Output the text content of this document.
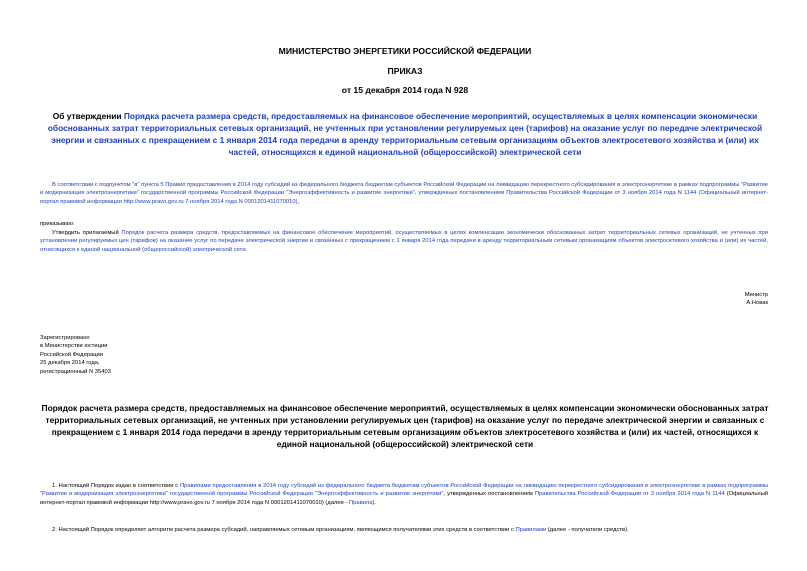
МИНИСТЕРСТВО ЭНЕРГЕТИКИ РОССИЙСКОЙ ФЕДЕРАЦИИ
ПРИКАЗ
от 15 декабря 2014 года N 928
Об утверждении Порядка расчета размера средств, предоставляемых на финансовое обеспечение мероприятий, осуществляемых в целях компенсации экономически обоснованных затрат территориальных сетевых организаций, не учтенных при установлении регулируемых цен (тарифов) на оказание услуг по передаче электрической энергии и связанных с прекращением с 1 января 2014 года передачи в аренду территориальным сетевым организациям объектов электросетевого хозяйства и (или) их частей, относящихся к единой национальной (общероссийской) электрической сети
В соответствии с подпунктом "в" пункта 5 Правил предоставления в 2014 году субсидий из федерального бюджета бюджетам субъектов Российской Федерации на ликвидацию перекрестного субсидирования в электроэнергетике в рамках подпрограммы "Развитие и модернизация электроэнергетики" государственной программы Российской Федерации "Энергоэффективность и развитие энергетики", утвержденных постановлением Правительства Российской Федерации от 3 ноября 2014 года N 1144 (Официальный интернет-портал правовой информации http://www.pravo.gov.ru 7 ноября 2014 года N 0001201411070010),
приказываю:
Утвердить прилагаемый Порядок расчета размера средств, предоставляемых на финансовое обеспечение мероприятий, осуществляемых в целях компенсации экономически обоснованных затрат территориальных сетевых организаций, не учтенных при установлении регулируемых цен (тарифов) на оказание услуг по передаче электрической энергии и связанных с прекращением с 1 января 2014 года передачи в аренду территориальным сетевым организациям объектов электросетевого хозяйства и (или) их частей, относящихся к единой национальной (общероссийской) электрической сети.
Министр
А.Новак
Зарегистрировано
в Министерстве юстиции
Российской Федерации
25 декабря 2014 года,
регистрационный N 35403
Порядок расчета размера средств, предоставляемых на финансовое обеспечение мероприятий, осуществляемых в целях компенсации экономически обоснованных затрат территориальных сетевых организаций, не учтенных при установлении регулируемых цен (тарифов) на оказание услуг по передаче электрической энергии и связанных с прекращением с 1 января 2014 года передачи в аренду территориальным сетевым организациям объектов электросетевого хозяйства и (или) их частей, относящихся к единой национальной (общероссийской) электрической сети
1. Настоящий Порядок издан в соответствии с Правилами предоставления в 2014 году субсидий из федерального бюджета бюджетам субъектов Российской Федерации на ликвидацию перекрестного субсидирования в электроэнергетике в рамках подпрограммы "Развитие и модернизация электроэнергетики" государственной программы Российской Федерации "Энергоэффективность и развитие энергетики", утвержденных постановлением Правительства Российской Федерации от 3 ноября 2014 года N 1144 (Официальный интернет-портал правовой информации http://www.pravo.gov.ru 7 ноября 2014 года N 0001201411070010) (далее - Правила).
2. Настоящий Порядок определяет алгоритм расчета размера субсидий, направляемых сетевым организациям, являющимся получателями этих средств в соответствии с Правилами (далее - получатели средств).
